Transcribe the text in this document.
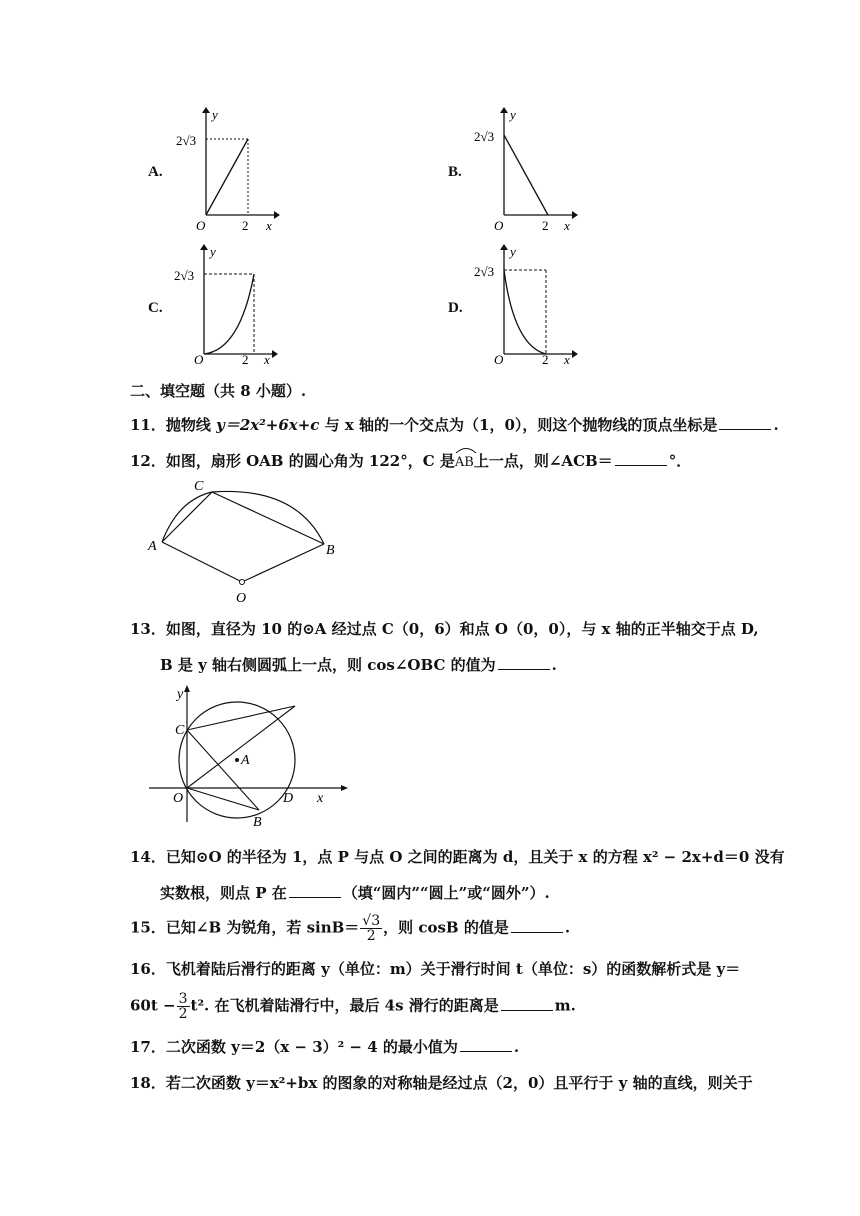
A.
y
x
O	2
2√3
B.
y
x
O	2
2√3
C.
y
x
O	2
2√3
D.
y
x
O	2
2√3
二、填空题（共 8 小题）.
11．抛物线 y＝2x²+6x+c 与 x 轴的一个交点为（1，0），则这个抛物线的顶点坐标是	.
12．如图，扇形 OAB 的圆心角为 122°，C 是AB
上一点，则∠ACB＝	°．
A	B
C
O
13．如图，直径为 10 的⊙A 经过点 C（0，6）和点 O（0，0），与 x 轴的正半轴交于点 D,
B 是 y 轴右侧圆弧上一点，则 cos∠OBC 的值为	.
y
x
C
A
O	D
B
14．已知⊙O 的半径为 1，点 P 与点 O 之间的距离为 d，且关于 x 的方程 x² − 2x+d＝0 没有
实数根，则点 P 在	（填“圆内”“圆上”或“圆外”）.
15．已知∠B 为锐角，若 $\sin B= \frac{√3}{2}$ ，则 cosB 的值是	.
16．飞机着陆后滑行的距离 y（单位：m）关于滑行时间 t（单位：s）的函数解析式是 y＝
$60t - \frac{3}{2} t^2$. 在飞机着陆滑行中，最后 4s 滑行的距离是	m.
17．二次函数 y＝2（x − 3）² − 4 的最小值为	.
18．若二次函数 y＝x²+bx 的图象的对称轴是经过点（2，0）且平行于 y 轴的直线，则关于
